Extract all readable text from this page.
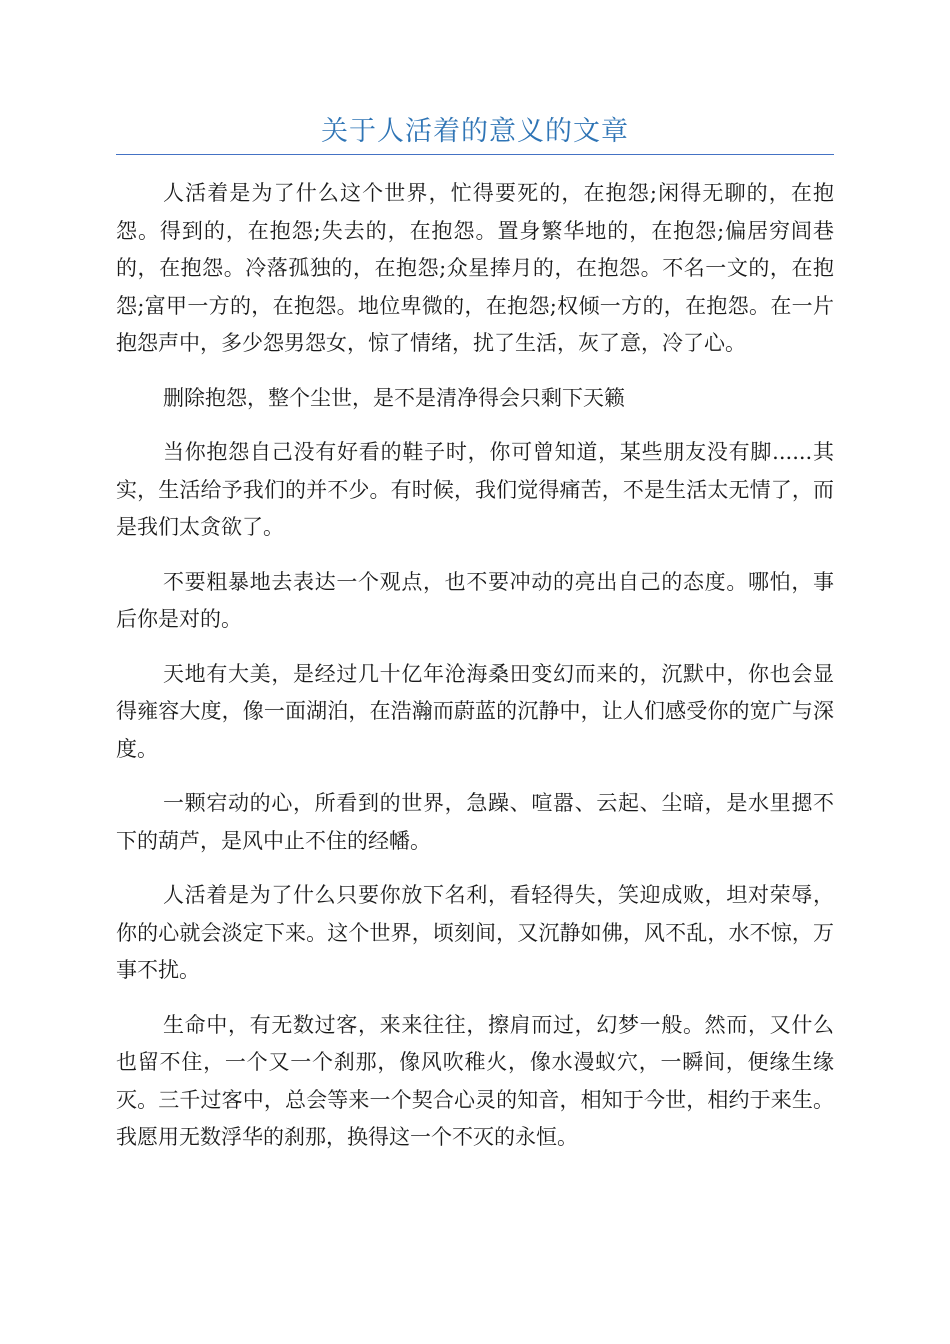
关于人活着的意义的文章

人活着是为了什么这个世界，忙得要死的，在抱怨;闲得无聊的，在抱怨。得到的，在抱怨;失去的，在抱怨。置身繁华地的，在抱怨;偏居穷闾巷的，在抱怨。冷落孤独的，在抱怨;众星捧月的，在抱怨。不名一文的，在抱怨;富甲一方的，在抱怨。地位卑微的，在抱怨;权倾一方的，在抱怨。在一片抱怨声中，多少怨男怨女，惊了情绪，扰了生活，灰了意，冷了心。

删除抱怨，整个尘世，是不是清净得会只剩下天籁

当你抱怨自己没有好看的鞋子时，你可曾知道，某些朋友没有脚......其实，生活给予我们的并不少。有时候，我们觉得痛苦，不是生活太无情了，而是我们太贪欲了。

不要粗暴地去表达一个观点，也不要冲动的亮出自己的态度。哪怕，事后你是对的。

天地有大美，是经过几十亿年沧海桑田变幻而来的，沉默中，你也会显得雍容大度，像一面湖泊，在浩瀚而蔚蓝的沉静中，让人们感受你的宽广与深度。

一颗宕动的心，所看到的世界，急躁、喧嚣、云起、尘暗，是水里摁不下的葫芦，是风中止不住的经幡。

人活着是为了什么只要你放下名利，看轻得失，笑迎成败，坦对荣辱，你的心就会淡定下来。这个世界，顷刻间，又沉静如佛，风不乱，水不惊，万事不扰。

生命中，有无数过客，来来往往，擦肩而过，幻梦一般。然而，又什么也留不住，一个又一个刹那，像风吹稚火，像水漫蚁穴，一瞬间，便缘生缘灭。三千过客中，总会等来一个契合心灵的知音，相知于今世，相约于来生。我愿用无数浮华的刹那，换得这一个不灭的永恒。
